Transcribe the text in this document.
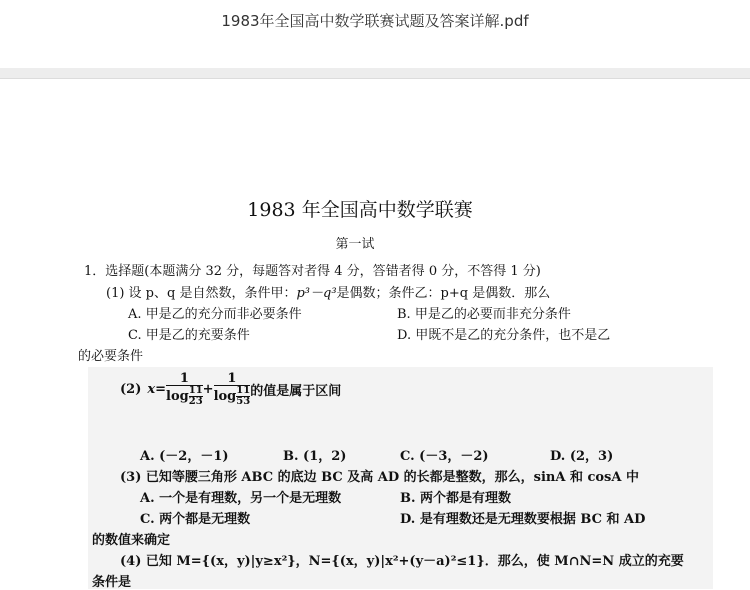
1983年全国高中数学联赛试题及答案详解.pdf
1983 年全国高中数学联赛
第一试
1．选择题(本题满分 32 分，每题答对者得 4 分，答错者得 0 分，不答得 1 分)
(1) 设 p、q 是自然数，条件甲：p³－q³是偶数；条件乙：p+q 是偶数．那么
A. 甲是乙的充分而非必要条件	B. 甲是乙的必要而非充分条件
C. 甲是乙的充要条件	D. 甲既不是乙的充分条件，也不是乙
的必要条件
(2) $x= \frac{1}{\log \frac{1}{2} \frac{1}{3}} + \frac{1}{\log \frac{1}{5} \frac{1}{3}}$ 的值是属于区间
A. (－2，－1)	B. (1，2)	C. (－3，－2)	D. (2，3)
(3) 已知等腰三角形 ABC 的底边 BC 及高 AD 的长都是整数，那么，sinA 和 cosA 中
A. 一个是有理数，另一个是无理数	B. 两个都是有理数
C. 两个都是无理数	D. 是有理数还是无理数要根据 BC 和 AD
的数值来确定
(4) 已知 M={(x，y)|y≥x²}，N={(x，y)|x²+(y－a)²≤1}．那么，使 M∩N=N 成立的充要
条件是
